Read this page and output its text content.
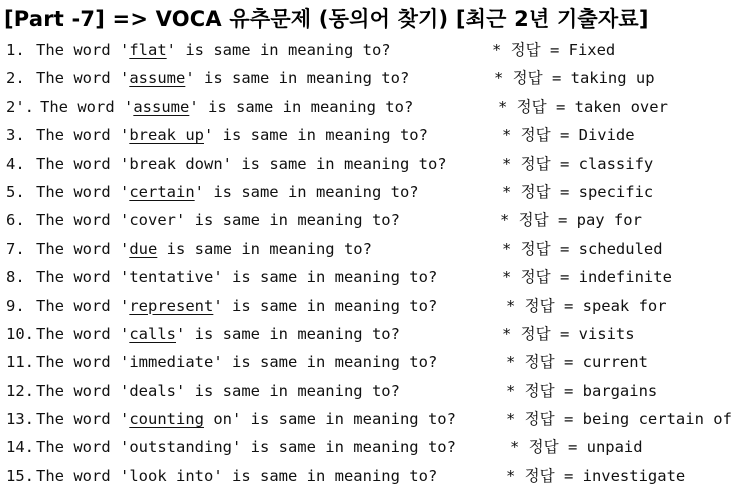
[Part -7] => VOCA 유추문제 (동의어 찾기) [최근 2년 기출자료]
1. The word 'flat' is same in meaning to?	* 정답 = Fixed
2. The word 'assume' is same in meaning to?	* 정답 = taking up
2'. The word 'assume' is same in meaning to?	* 정답 = taken over
3. The word 'break up' is same in meaning to?	* 정답 = Divide
4. The word 'break down' is same in meaning to?	* 정답 = classify
5. The word 'certain' is same in meaning to?	* 정답 = specific
6. The word 'cover' is same in meaning to?	* 정답 = pay for
7. The word 'due is same in meaning to?	* 정답 = scheduled
8. The word 'tentative' is same in meaning to?	* 정답 = indefinite
9. The word 'represent' is same in meaning to?	* 정답 = speak for
10. The word 'calls' is same in meaning to?	* 정답 = visits
11. The word 'immediate' is same in meaning to?	* 정답 = current
12. The word 'deals' is same in meaning to?	* 정답 = bargains
13. The word 'counting on' is same in meaning to?	* 정답 = being certain of
14. The word 'outstanding' is same in meaning to?	* 정답 = unpaid
15. The word 'look into' is same in meaning to?	* 정답 = investigate
